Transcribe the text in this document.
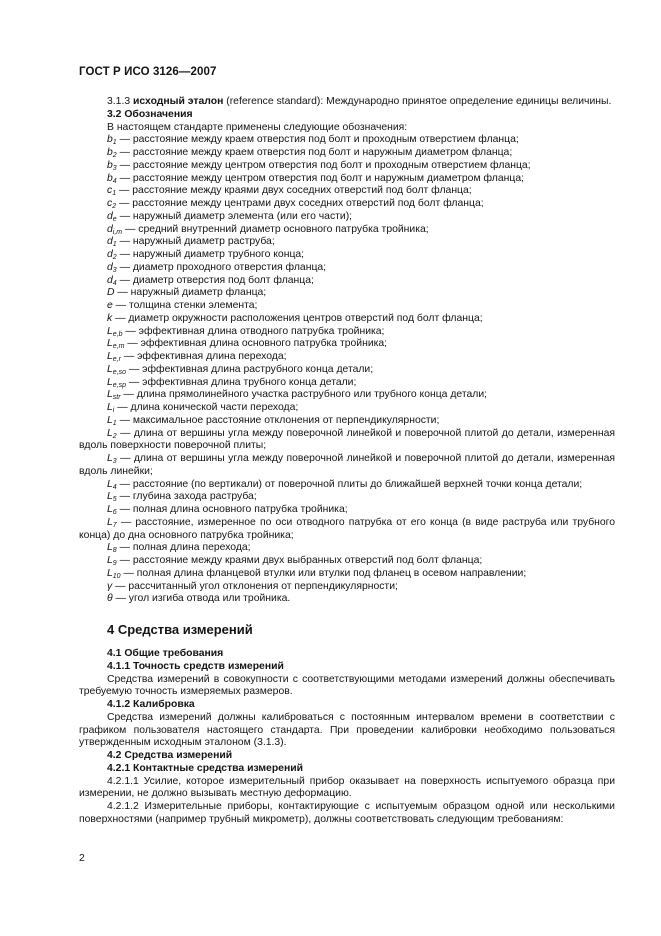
ГОСТ Р ИСО 3126—2007

3.1.3 исходный эталон (reference standard): Международно принятое определение единицы величины.

3.2 Обозначения

В настоящем стандарте применены следующие обозначения:

$b_1$ — расстояние между краем отверстия под болт и проходным отверстием фланца;

$b_2$ — расстояние между краем отверстия под болт и наружным диаметром фланца;

$b_3$ — расстояние между центром отверстия под болт и проходным отверстием фланца;

$b_4$ — расстояние между центром отверстия под болт и наружным диаметром фланца;

$c_1$ — расстояние между краями двух соседних отверстий под болт фланца;

$c_2$ — расстояние между центрами двух соседних отверстий под болт фланца;

$d_e$ — наружный диаметр элемента (или его части);

$d_{i,m}$ — средний внутренний диаметр основного патрубка тройника;

$d_1$ — наружный диаметр раструба;

$d_2$ — наружный диаметр трубного конца;

$d_3$ — диаметр проходного отверстия фланца;

$d_4$ — диаметр отверстия под болт фланца;

D — наружный диаметр фланца;

e — толщина стенки элемента;

k — диаметр окружности расположения центров отверстий под болт фланца;

$L_{e,b}$ — эффективная длина отводного патрубка тройника;

$L_{e,m}$ — эффективная длина основного патрубка тройника;

$L_{e,r}$ — эффективная длина перехода;

$L_{e,so}$ — эффективная длина раструбного конца детали;

$L_{e,sp}$ — эффективная длина трубного конца детали;

$L_{str}$ — длина прямолинейного участка раструбного или трубного конца детали;

$L_i$ — длина конической части перехода;

$L_1$ — максимальное расстояние отклонения от перпендикулярности;

$L_2$ — длина от вершины угла между поверочной линейкой и поверочной плитой до детали, измеренная вдоль поверхности поверочной плиты;

$L_3$ — длина от вершины угла между поверочной линейкой и поверочной плитой до детали, измеренная вдоль линейки;

$L_4$ — расстояние (по вертикали) от поверочной плиты до ближайшей верхней точки конца детали;

$L_5$ — глубина захода раструба;

$L_6$ — полная длина основного патрубка тройника;

$L_7$ — расстояние, измеренное по оси отводного патрубка от его конца (в виде раструба или трубного конца) до дна основного патрубка тройника;

$L_8$ — полная длина перехода;

$L_9$ — расстояние между краями двух выбранных отверстий под болт фланца;

$L_{10}$ — полная длина фланцевой втулки или втулки под фланец в осевом направлении;

γ — рассчитанный угол отклонения от перпендикулярности;

θ — угол изгиба отвода или тройника.

4 Средства измерений

4.1 Общие требования

4.1.1 Точность средств измерений

Средства измерений в совокупности с соответствующими методами измерений должны обеспечивать требуемую точность измеряемых размеров.

4.1.2 Калибровка

Средства измерений должны калиброваться с постоянным интервалом времени в соответствии с графиком пользователя настоящего стандарта. При проведении калибровки необходимо пользоваться утвержденным исходным эталоном (3.1.3).

4.2 Средства измерений

4.2.1 Контактные средства измерений

4.2.1.1 Усилие, которое измерительный прибор оказывает на поверхность испытуемого образца при измерении, не должно вызывать местную деформацию.

4.2.1.2 Измерительные приборы, контактирующие с испытуемым образцом одной или несколькими поверхностями (например трубный микрометр), должны соответствовать следующим требованиям:

2
